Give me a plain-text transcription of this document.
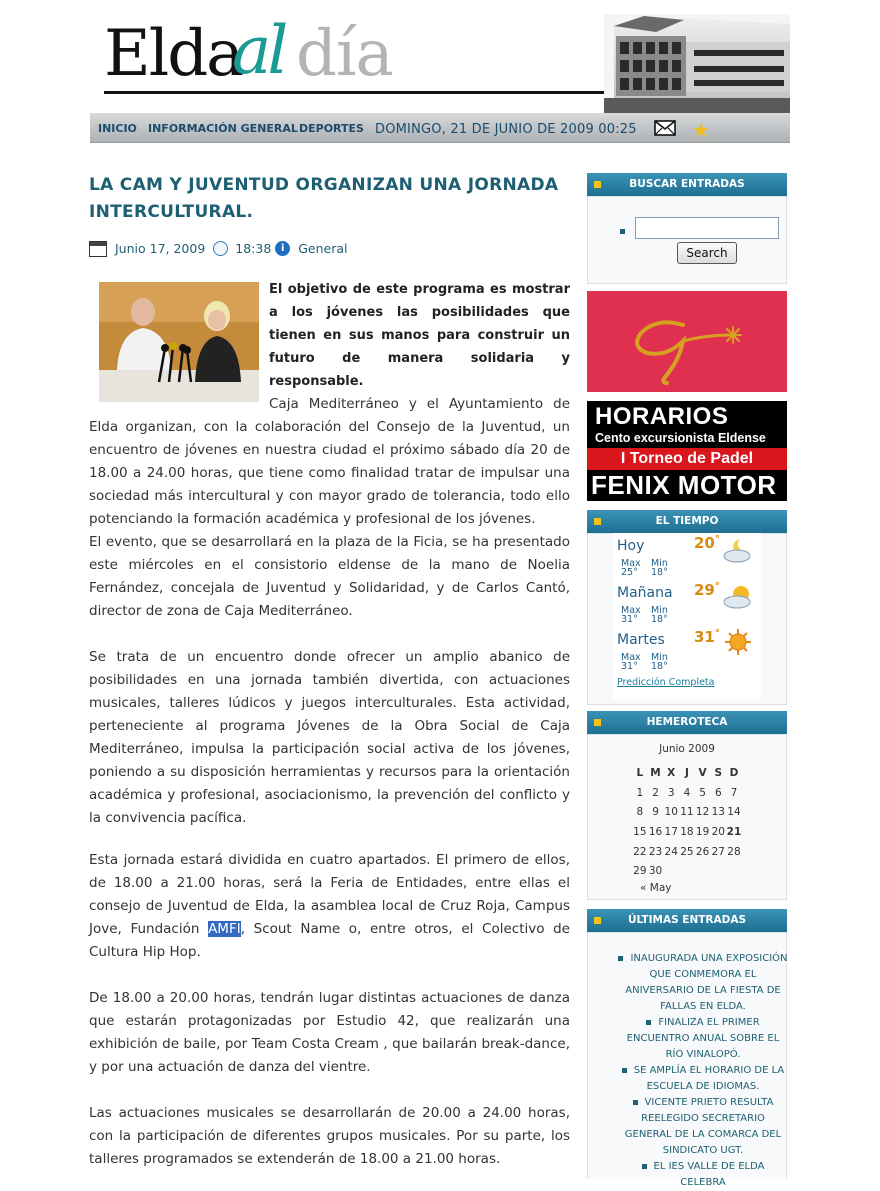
Elda
al día
INICIO INFORMACIÓN GENERAL DEPORTES DOMINGO, 21 DE JUNIO DE 2009 00:25	★
LA CAM Y JUVENTUD ORGANIZAN UNA JORNADA INTERCULTURAL.
Junio 17, 2009 18:38 i General
El objetivo de este programa es mostrar a los jóvenes las posibilidades que tienen en sus manos para construir un futuro de manera solidaria y responsable.
Caja Mediterráneo y el Ayuntamiento de Elda organizan, con la colaboración del Consejo de la Juventud, un encuentro de jóvenes en nuestra ciudad el próximo sábado día 20 de 18.00 a 24.00 horas, que tiene como finalidad tratar de impulsar una sociedad más intercultural y con mayor grado de tolerancia, todo ello potenciando la formación académica y profesional de los jóvenes.
El evento, que se desarrollará en la plaza de la Ficia, se ha presentado este miércoles en el consistorio eldense de la mano de Noelia Fernández, concejala de Juventud y Solidaridad, y de Carlos Cantó, director de zona de Caja Mediterráneo.
Se trata de un encuentro donde ofrecer un amplio abanico de posibilidades en una jornada también divertida, con actuaciones musicales, talleres lúdicos y juegos interculturales. Esta actividad, perteneciente al programa Jóvenes de la Obra Social de Caja Mediterráneo, impulsa la participación social activa de los jóvenes, poniendo a su disposición herramientas y recursos para la orientación académica y profesional, asociacionismo, la prevención del conflicto y la convivencia pacífica.
Esta jornada estará dividida en cuatro apartados. El primero de ellos, de 18.00 a 21.00 horas, será la Feria de Entidades, entre ellas el consejo de Juventud de Elda, la asamblea local de Cruz Roja, Campus Jove, Fundación AMFI, Scout Name o, entre otros, el Colectivo de Cultura Hip Hop.
De 18.00 a 20.00 horas, tendrán lugar distintas actuaciones de danza que estarán protagonizadas por Estudio 42, que realizarán una exhibición de baile, por Team Costa Cream , que bailarán break-dance, y por una actuación de danza del vientre.
Las actuaciones musicales se desarrollarán de 20.00 a 24.00 horas, con la participación de diferentes grupos musicales. Por su parte, los talleres programados se extenderán de 18.00 a 21.00 horas.
BUSCAR ENTRADAS
Search
HORARIOS
Cento excursionista Eldense
I Torneo de Padel
FENIX MOTOR
EL TIEMPO
Hoy	20°
Max Min
25° 18°
Mañana 29°
Max Min
31° 18°
Martes 31°
Max Min
31° 18°
Predicción Completa
HEMEROTECA
Junio 2009
L M X J V S D
1 2 3 4 5 6 7
8 9 10 11 12 13 14
15 16 17 18 19 20 21
22 23 24 25 26 27 28
29 30
« May
ÚLTIMAS ENTRADAS
INAUGURADA UNA EXPOSICIÓN QUE CONMEMORA EL ANIVERSARIO DE LA FIESTA DE FALLAS EN ELDA.
FINALIZA EL PRIMER ENCUENTRO ANUAL SOBRE EL RÍO VINALOPÓ.
SE AMPLÍA EL HORARIO DE LA ESCUELA DE IDIOMAS.
VICENTE PRIETO RESULTA REELEGIDO SECRETARIO GENERAL DE LA COMARCA DEL SINDICATO UGT.
EL IES VALLE DE ELDA CELEBRA
